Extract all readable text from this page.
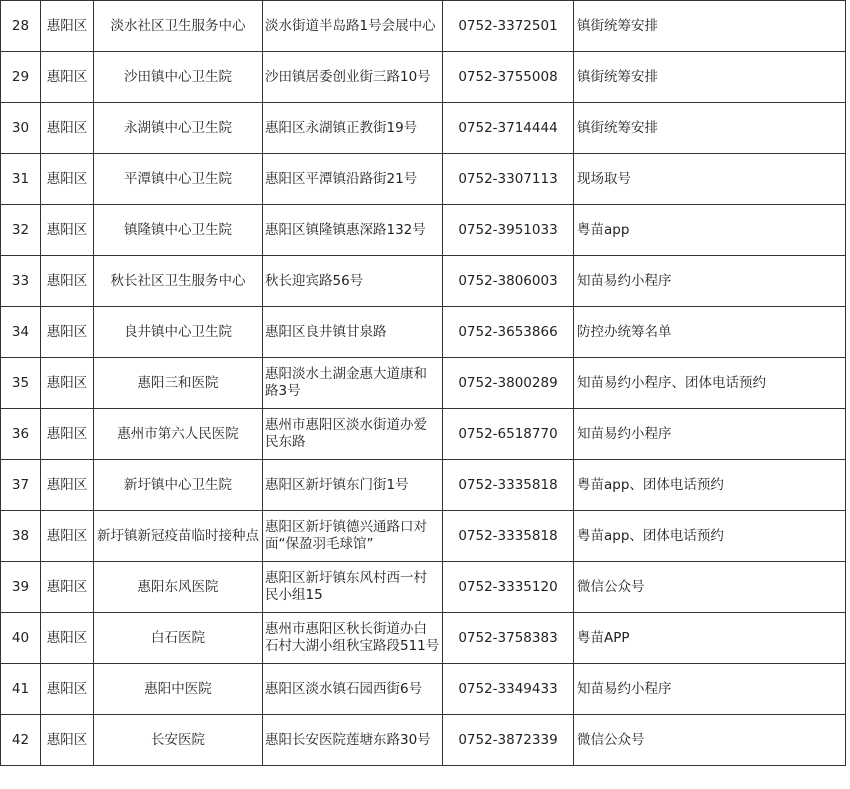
28	惠阳区	淡水社区卫生服务中心	淡水街道半岛路1号会展中心	0752-3372501	镇街统筹安排
29	惠阳区	沙田镇中心卫生院	沙田镇居委创业街三路10号	0752-3755008	镇街统筹安排
30	惠阳区	永湖镇中心卫生院	惠阳区永湖镇正教街19号	0752-3714444	镇街统筹安排
31	惠阳区	平潭镇中心卫生院	惠阳区平潭镇沿路街21号	0752-3307113	现场取号
32	惠阳区	镇隆镇中心卫生院	惠阳区镇隆镇惠深路132号	0752-3951033	粤苗app
33	惠阳区	秋长社区卫生服务中心	秋长迎宾路56号	0752-3806003	知苗易约小程序
34	惠阳区	良井镇中心卫生院	惠阳区良井镇甘泉路	0752-3653866	防控办统筹名单
35	惠阳区	惠阳三和医院	惠阳淡水土湖金惠大道康和路3号	0752-3800289	知苗易约小程序、团体电话预约
36	惠阳区	惠州市第六人民医院	惠州市惠阳区淡水街道办爱民东路	0752-6518770	知苗易约小程序
37	惠阳区	新圩镇中心卫生院	惠阳区新圩镇东门街1号	0752-3335818	粤苗app、团体电话预约
38	惠阳区	新圩镇新冠疫苗临时接种点	惠阳区新圩镇德兴通路口对面“保盈羽毛球馆”	0752-3335818	粤苗app、团体电话预约
39	惠阳区	惠阳东风医院	惠阳区新圩镇东风村西一村民小组15	0752-3335120	微信公众号
40	惠阳区	白石医院	惠州市惠阳区秋长街道办白石村大湖小组秋宝路段511号	0752-3758383	粤苗APP
41	惠阳区	惠阳中医院	惠阳区淡水镇石园西街6号	0752-3349433	知苗易约小程序
42	惠阳区	长安医院	惠阳长安医院莲塘东路30号	0752-3872339	微信公众号
